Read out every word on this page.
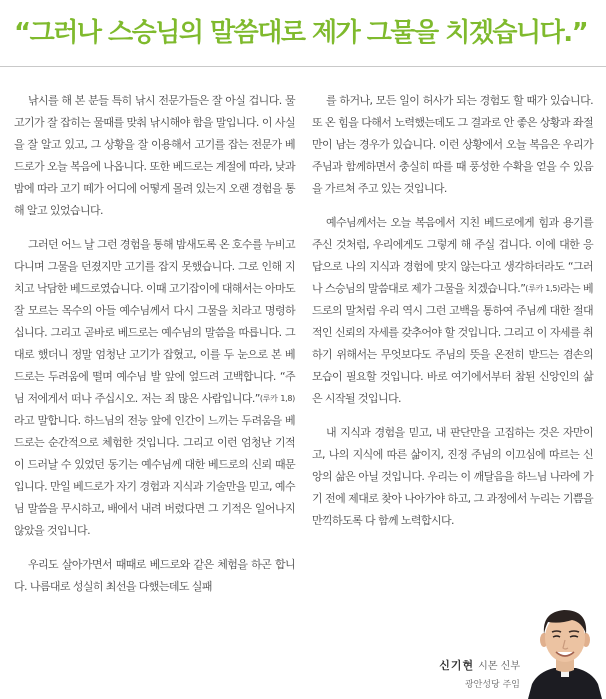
“그러나 스승님의 말씀대로 제가 그물을 치겠습니다.”

낚시를 해 본 분들 특히 낚시 전문가들은 잘 아실 겁니다. 물고기가 잘 잡히는 물때를 맞춰 낚시해야 함을 말입니다. 이 사실을 잘 알고 있고, 그 상황을 잘 이용해서 고기를 잡는 전문가 베드로가 오늘 복음에 나옵니다. 또한 베드로는 계절에 따라, 낮과 밤에 따라 고기 떼가 어디에 어떻게 몰려 있는지 오랜 경험을 통해 알고 있었습니다.

그러던 어느 날 그런 경험을 통해 밤새도록 온 호수를 누비고 다니며 그물을 던졌지만 고기를 잡지 못했습니다. 그로 인해 지치고 낙담한 베드로였습니다. 이때 고기잡이에 대해서는 아마도 잘 모르는 목수의 아들 예수님께서 다시 그물을 치라고 명령하십니다. 그리고 곧바로 베드로는 예수님의 말씀을 따릅니다. 그대로 했더니 정말 엄청난 고기가 잡혔고, 이를 두 눈으로 본 베드로는 두려움에 떨며 예수님 발 앞에 엎드려 고백합니다. “주님 저에게서 떠나 주십시오. 저는 죄 많은 사람입니다.”(루카 1,8)라고 말합니다. 하느님의 전능 앞에 인간이 느끼는 두려움을 베드로는 순간적으로 체험한 것입니다. 그리고 이런 엄청난 기적이 드러날 수 있었던 동기는 예수님께 대한 베드로의 신뢰 때문입니다. 만일 베드로가 자기 경험과 지식과 기술만을 믿고, 예수님 말씀을 무시하고, 배에서 내려 버렸다면 그 기적은 일어나지 않았을 것입니다.

우리도 살아가면서 때때로 베드로와 같은 체험을 하곤 합니다. 나름대로 성실히 최선을 다했는데도 실패

를 하거나, 모든 일이 허사가 되는 경험도 할 때가 있습니다. 또 온 힘을 다해서 노력했는데도 그 결과로 안 좋은 상황과 좌절만이 남는 경우가 있습니다. 이런 상황에서 오늘 복음은 우리가 주님과 함께하면서 충실히 따를 때 풍성한 수확을 얻을 수 있음을 가르쳐 주고 있는 것입니다.

예수님께서는 오늘 복음에서 지친 베드로에게 힘과 용기를 주신 것처럼, 우리에게도 그렇게 해 주실 겁니다. 이에 대한 응답으로 나의 지식과 경험에 맞지 않는다고 생각하더라도 “그러나 스승님의 말씀대로 제가 그물을 치겠습니다.”(루카 1,5)라는 베드로의 말처럼 우리 역시 그런 고백을 통하여 주님께 대한 절대적인 신뢰의 자세를 갖추어야 할 것입니다. 그리고 이 자세를 취하기 위해서는 무엇보다도 주님의 뜻을 온전히 받드는 겸손의 모습이 필요할 것입니다. 바로 여기에서부터 참된 신앙인의 삶은 시작될 것입니다.

내 지식과 경험을 믿고, 내 판단만을 고집하는 것은 자만이고, 나의 지식에 따른 삶이지, 진정 주님의 이끄심에 따르는 신앙의 삶은 아닐 것입니다. 우리는 이 깨달음을 하느님 나라에 가기 전에 제대로 찾아 나아가야 하고, 그 과정에서 누리는 기쁨을 만끽하도록 다 함께 노력합시다.

신기현 시몬 신부
광안성당 주임
